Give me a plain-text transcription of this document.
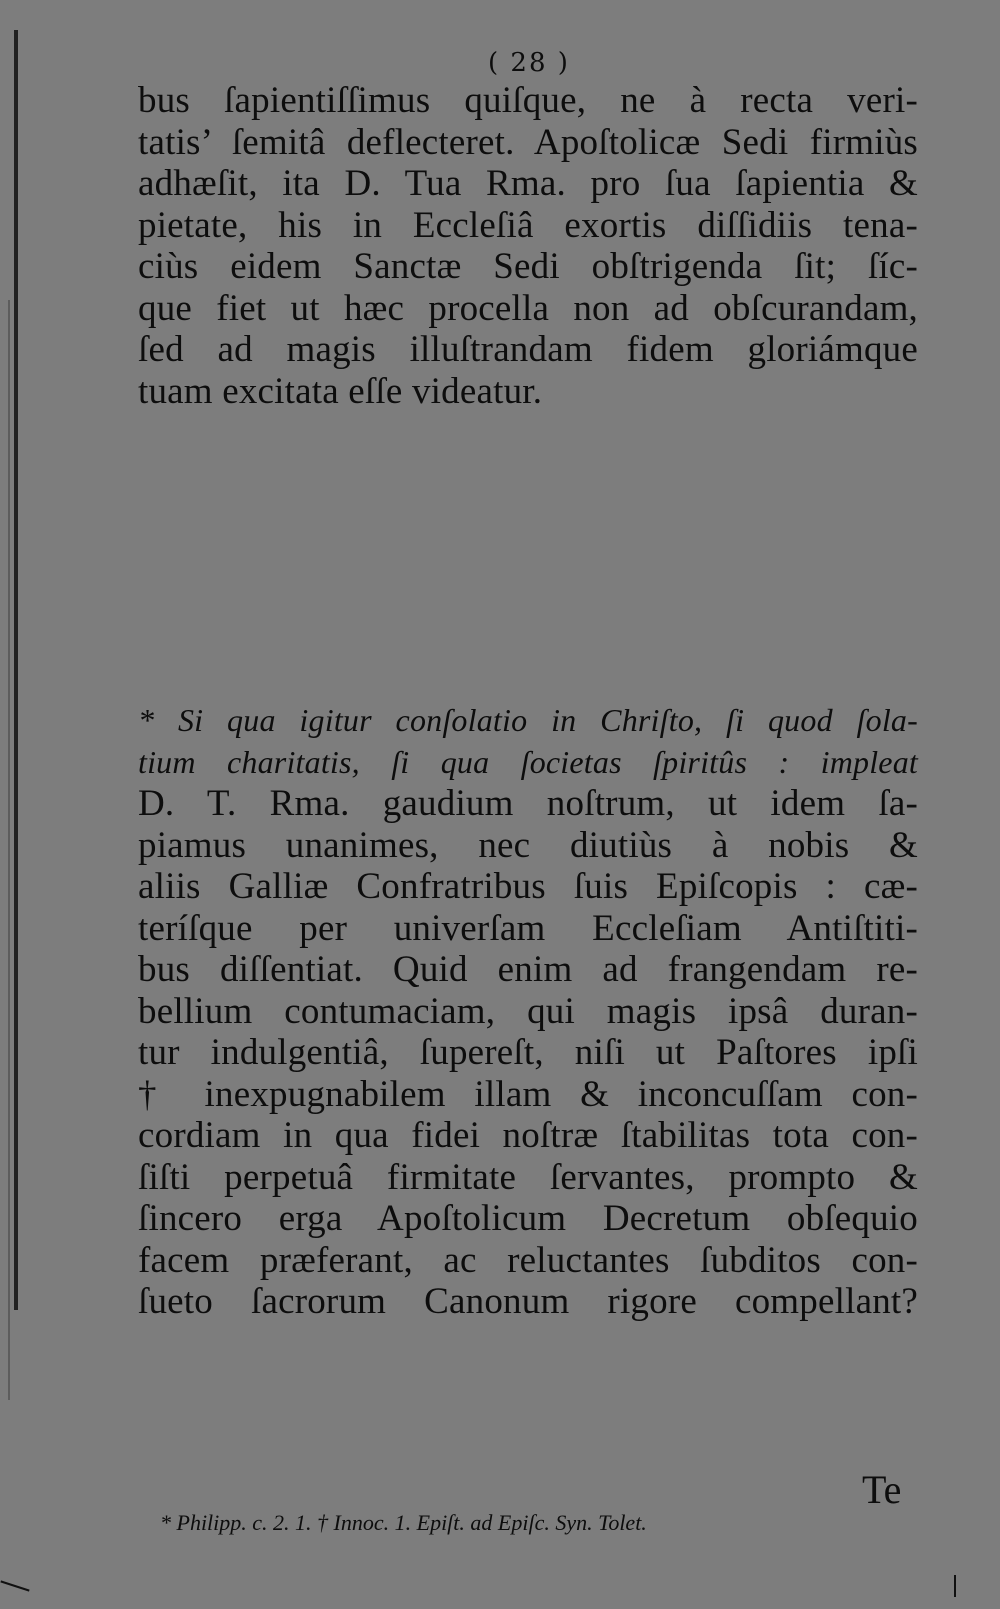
( 28 )
bus ſapientiſſimus quiſque, ne à recta veri-
tatis’ ſemitâ deflecteret. Apoſtolicæ Sedi firmiùs
adhæſit, ita D. Tua Rma. pro ſua ſapientia &
pietate, his in Eccleſiâ exortis diſſidiis tena-
ciùs eidem Sanctæ Sedi obſtrigenda ſit; ſíc-
que fiet ut hæc procella non ad obſcurandam,
ſed ad magis illuſtrandam fidem gloriámque
tuam excitata eſſe videatur.
* Si qua igitur conſolatio in Chriſto, ſi quod ſola-
tium charitatis, ſi qua ſocietas ſpiritûs : impleat
D. T. Rma. gaudium noſtrum, ut idem ſa-
piamus unanimes, nec diutiùs à nobis &
aliis Galliæ Confratribus ſuis Epiſcopis : cæ-
teríſque per univerſam Eccleſiam Antiſtiti-
bus diſſentiat. Quid enim ad frangendam re-
bellium contumaciam, qui magis ipsâ duran-
tur indulgentiâ, ſupereſt, niſi ut Paſtores ipſi
† inexpugnabilem illam & inconcuſſam con-
cordiam in qua fidei noſtræ ſtabilitas tota con-
ſiſti perpetuâ firmitate ſervantes, prompto &
ſincero erga Apoſtolicum Decretum obſequio
facem præferant, ac reluctantes ſubditos con-
ſueto ſacrorum Canonum rigore compellant?
Te
* Philipp. c. 2. 1. † Innoc. 1. Epiſt. ad Epiſc. Syn. Tolet.
